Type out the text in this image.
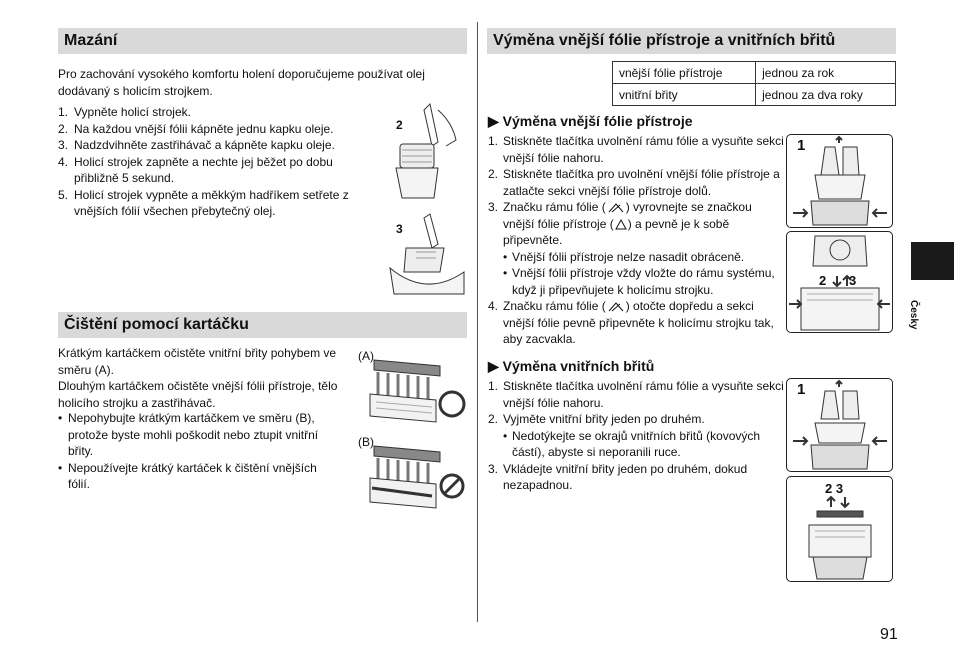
Mazání
Pro zachování vysokého komfortu holení doporučujeme používat olej dodávaný s holicím strojkem.
1. Vypněte holicí strojek.
2. Na každou vnější fólii kápněte jednu kapku oleje.
3. Nadzdvihněte zastřihávač a kápněte kapku oleje.
4. Holicí strojek zapněte a nechte jej běžet po dobu přibližně 5 sekund.
5. Holicí strojek vypněte a měkkým hadříkem setřete z vnějších fólií všechen přebytečný olej.
2
3
Čištění pomocí kartáčku
Krátkým kartáčkem očistěte vnitřní břity pohybem ve směru (A).
Dlouhým kartáčkem očistěte vnější fólii přístroje, tělo holicího strojku a zastřihávač.
• Nepohybujte krátkým kartáčkem ve směru (B), protože byste mohli poškodit nebo ztupit vnitřní břity.
• Nepoužívejte krátký kartáček k čištění vnějších fólií.
(A)
(B)
Výměna vnější fólie přístroje a vnitřních břitů
vnější fólie přístroje	jednou za rok
vnitřní břity	jednou za dva roky
▶ Výměna vnější fólie přístroje
1. Stiskněte tlačítka uvolnění rámu fólie a vysuňte sekci vnější fólie nahoru.
2. Stiskněte tlačítka pro uvolnění vnější fólie přístroje a zatlačte sekci vnější fólie přístroje dolů.
3. Značku rámu fólie ( ) vyrovnejte se značkou vnější fólie přístroje ( ) a pevně je k sobě připevněte.
• Vnější fólii přístroje nelze nasadit obráceně.
• Vnější fólii přístroje vždy vložte do rámu systému, když ji připevňujete k holicímu strojku.
4. Značku rámu fólie ( ) otočte dopředu a sekci vnější fólie pevně připevněte k holicímu strojku tak, aby zacvakla.
1
2 3
▶ Výměna vnitřních břitů
1. Stiskněte tlačítka uvolnění rámu fólie a vysuňte sekci vnější fólie nahoru.
2. Vyjměte vnitřní břity jeden po druhém.
• Nedotýkejte se okrajů vnitřních břitů (kovových částí), abyste si neporanili ruce.
3. Vkládejte vnitřní břity jeden po druhém, dokud nezapadnou.
1
2 3
Česky
91
